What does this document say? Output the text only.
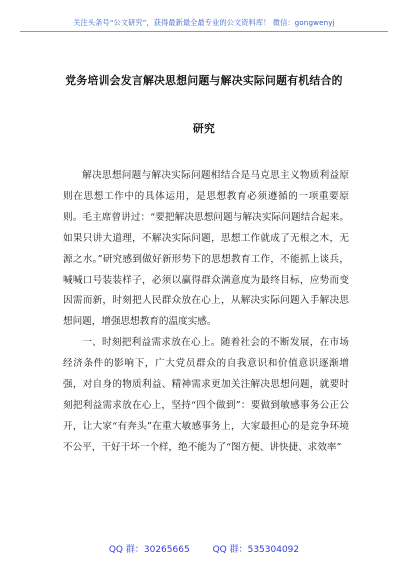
关注头条号“公文研究”，获得最新最全最专业的公文资料库！ 微信：gongwenyj
党务培训会发言解决思想问题与解决实际问题有机结合的
研究

解决思想问题与解决实际问题相结合是马克思主义物质利益原则在思想工作中的具体运用，是思想教育必须遵循的一项重要原则。毛主席曾讲过：“要把解决思想问题与解决实际问题结合起来。如果只讲大道理，不解决实际问题，思想工作就成了无根之木，无源之水。”研究感到做好新形势下的思想教育工作，不能抓上谈兵，喊喊口号装装样子，必须以赢得群众满意度为最终目标，应势而变因需而新，时刻把人民群众放在心上，从解决实际问题入手解决思想问题，增强思想教育的温度实感。

一、时刻把利益需求放在心上。随着社会的不断发展，在市场经济条件的影响下，广大党员群众的自我意识和价值意识逐渐增强，对自身的物质利益、精神需求更加关注解决思想问题，就要时刻把利益需求放在心上，坚持“四个做到”：要做到敏感事务公正公开，让大家“有奔头”在重大敏感事务上，大家最担心的是竞争环境不公平，干好干坏一个样，绝不能为了“图方便、讲快捷、求效率”

QQ 群：30265665	QQ 群：535304092
